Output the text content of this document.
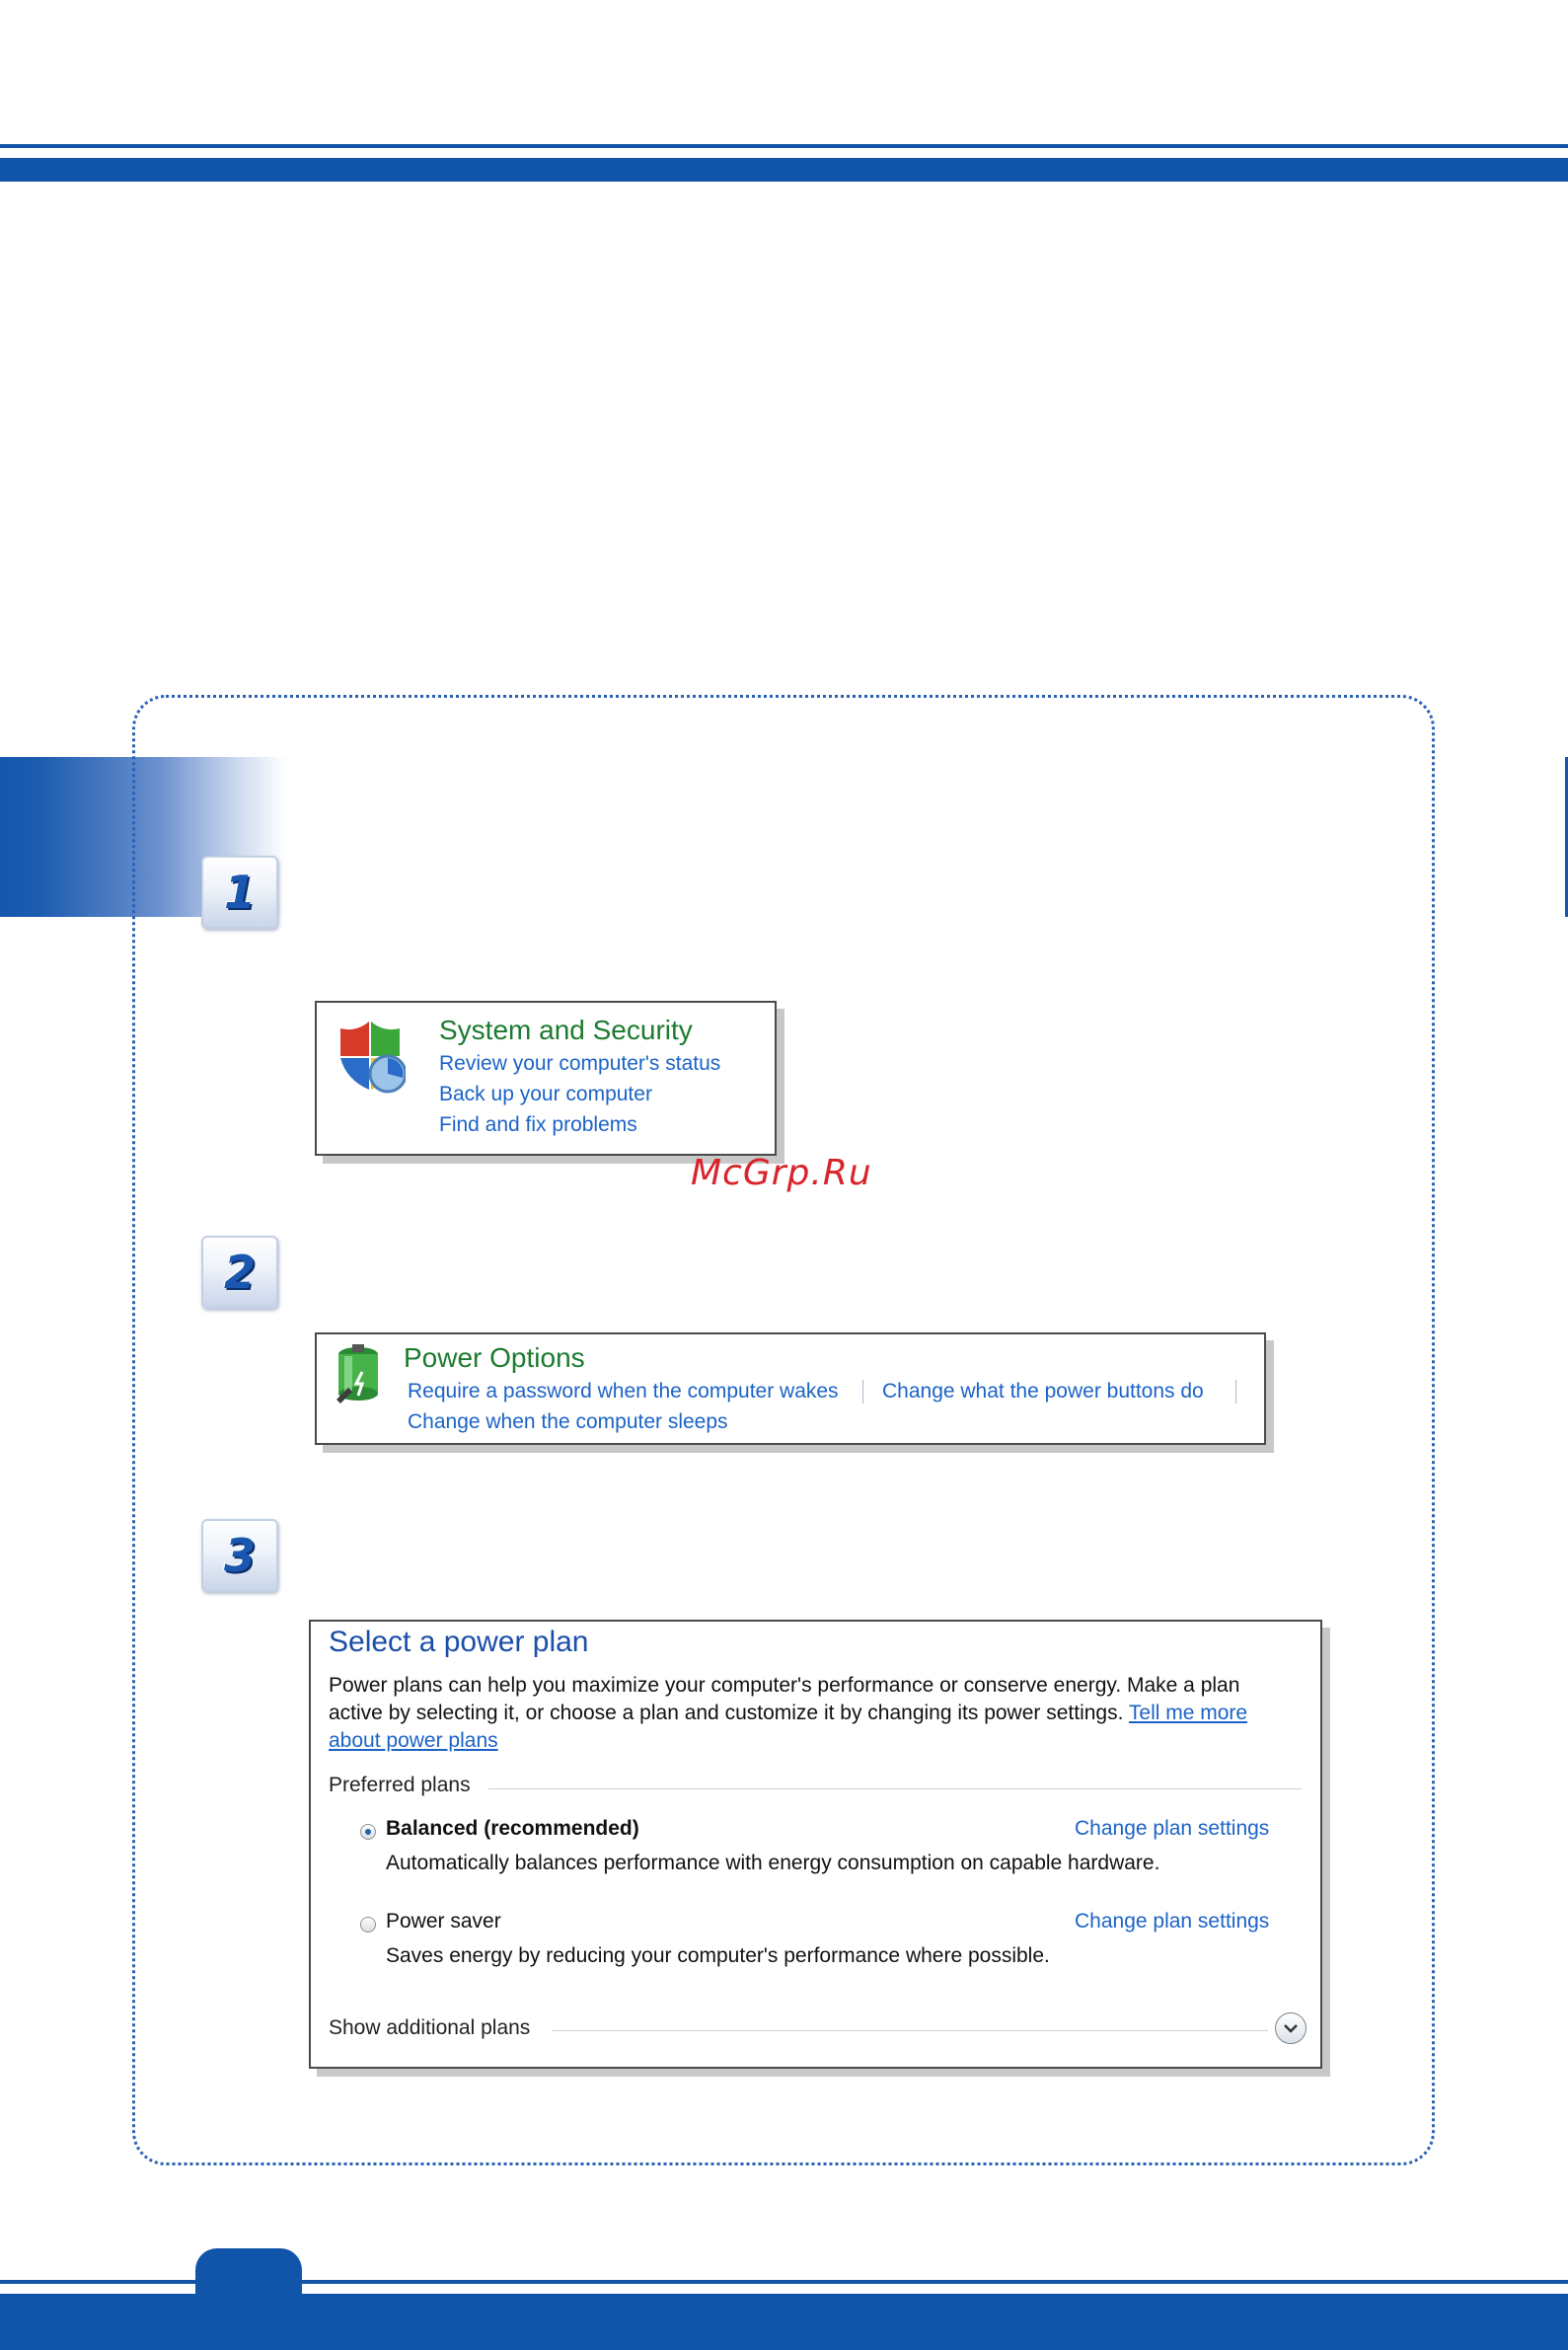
1
System and Security
Review your computer's status
Back up your computer
Find and fix problems
McGrp.Ru
2
Power Options
Require a password when the computer wakes Change what the power buttons do
Change when the computer sleeps
3
Select a power plan
Power plans can help you maximize your computer's performance or conserve energy. Make a plan active by selecting it, or choose a plan and customize it by changing its power settings. Tell me more about power plans
Preferred plans
Balanced (recommended)	Change plan settings
Automatically balances performance with energy consumption on capable hardware.
Power saver	Change plan settings
Saves energy by reducing your computer's performance where possible.
Show additional plans
